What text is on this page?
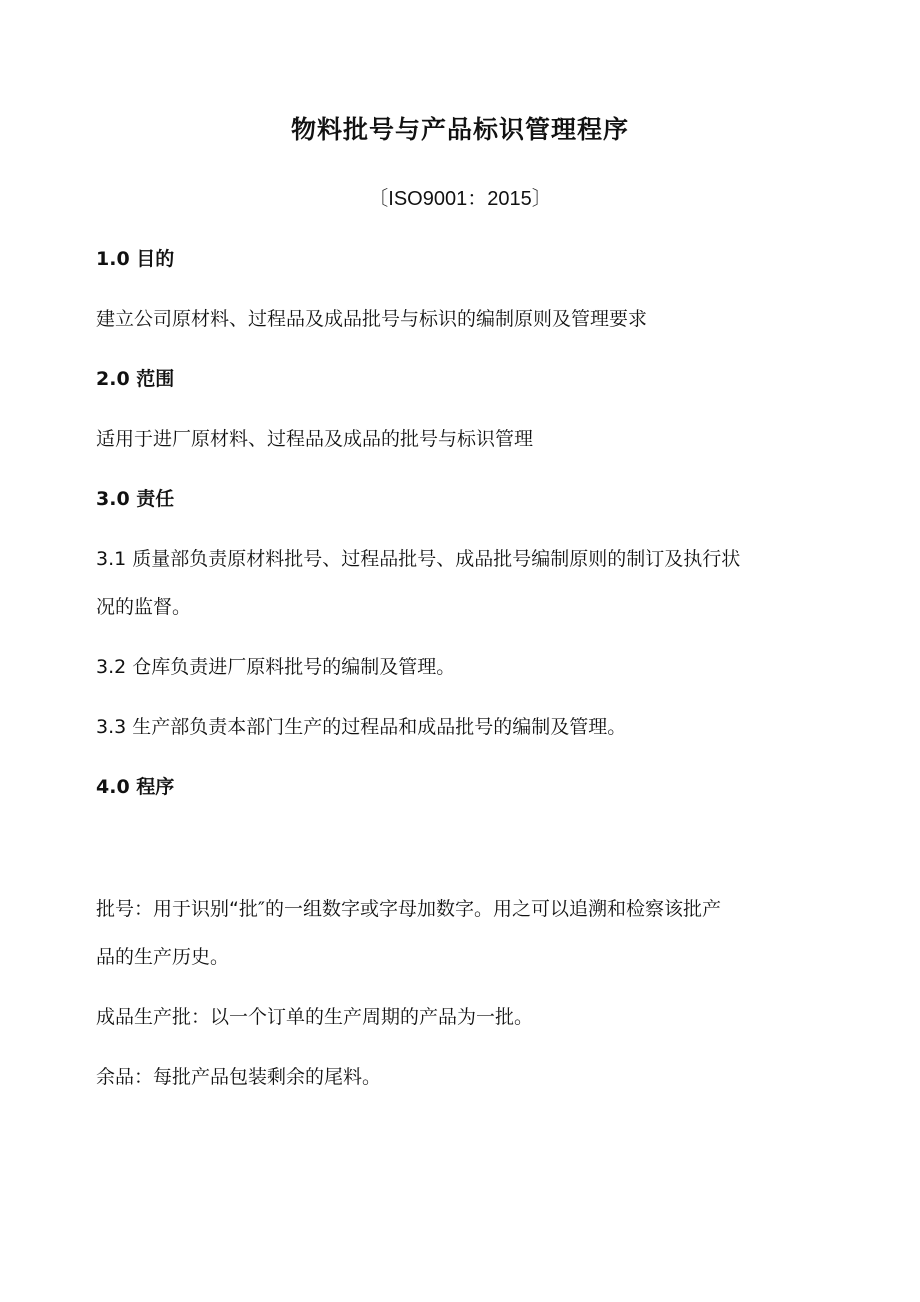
物料批号与产品标识管理程序
〔ISO9001：2015〕
1.0 目的
建立公司原材料、过程品及成品批号与标识的编制原则及管理要求
2.0 范围
适用于进厂原材料、过程品及成品的批号与标识管理
3.0 责任
3.1 质量部负责原材料批号、过程品批号、成品批号编制原则的制订及执行状
况的监督。
3.2 仓库负责进厂原料批号的编制及管理。
3.3 生产部负责本部门生产的过程品和成品批号的编制及管理。
4.0 程序
批号：用于识别“批″的一组数字或字母加数字。用之可以追溯和检察该批产
品的生产历史。
成品生产批：以一个订单的生产周期的产品为一批。
余品：每批产品包装剩余的尾料。
